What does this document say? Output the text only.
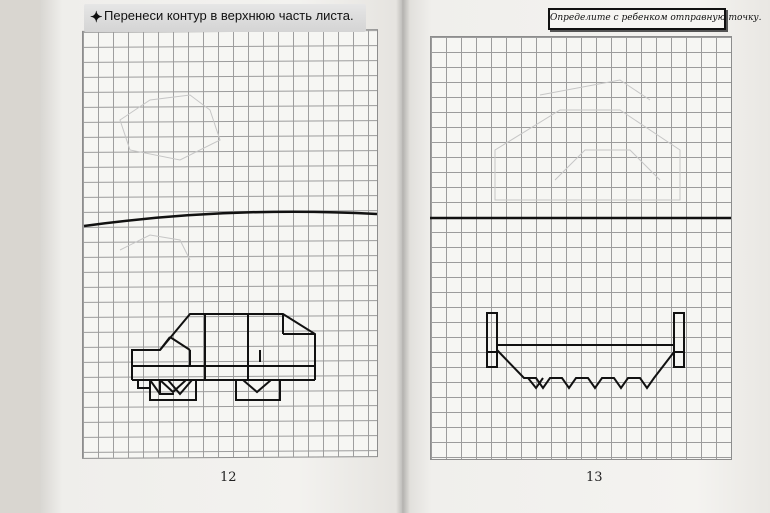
✦ Перенеси контур в верхнюю часть листа.	Определите с ребенком отправную точку.
12	13
